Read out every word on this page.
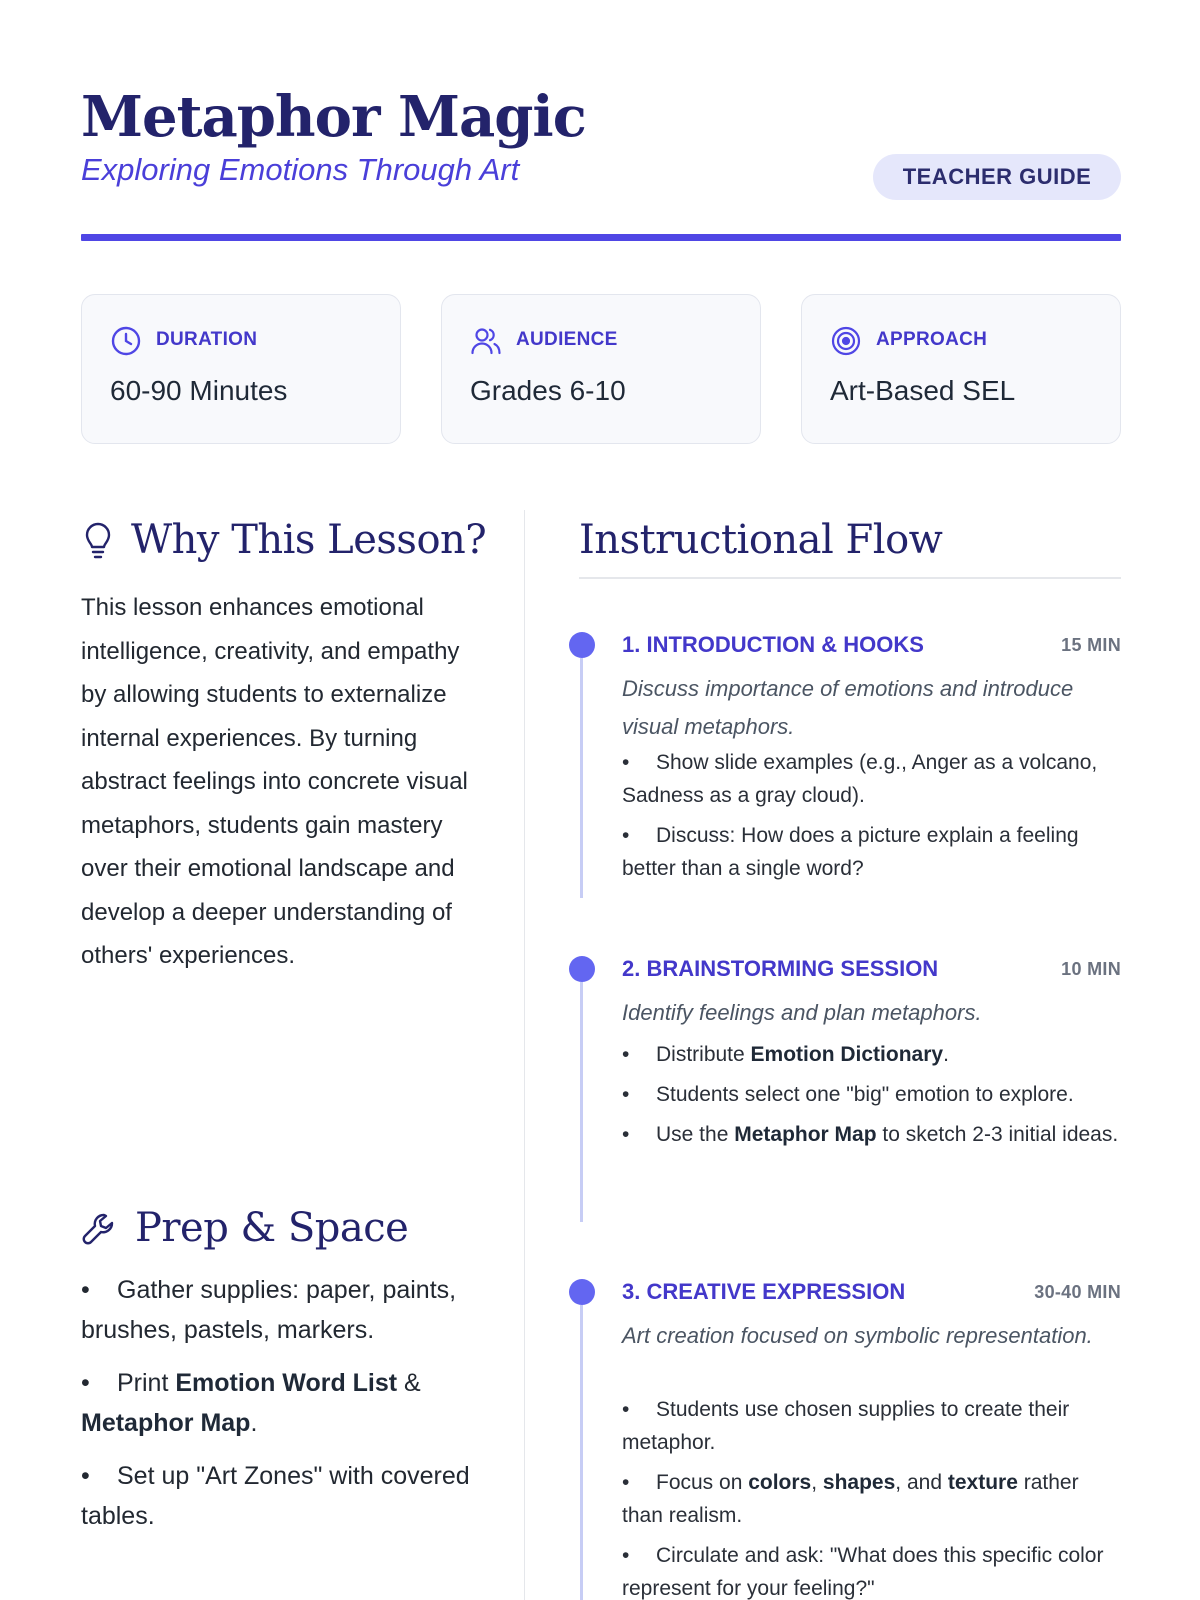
Metaphor Magic
Exploring Emotions Through Art	TEACHER GUIDE
DURATION
60-90 Minutes
AUDIENCE
Grades 6-10
APPROACH
Art-Based SEL
Why This Lesson?

This lesson enhances emotional intelligence, creativity, and empathy by allowing students to externalize internal experiences. By turning abstract feelings into concrete visual metaphors, students gain mastery over their emotional landscape and develop a deeper understanding of others' experiences.

Prep & Space
• Gather supplies: paper, paints, brushes, pastels, markers.
• Print Emotion Word List & Metaphor Map.
• Set up "Art Zones" with covered tables.
Instructional Flow
1. INTRODUCTION & HOOKS	15 MIN
Discuss importance of emotions and introduce visual metaphors.
• Show slide examples (e.g., Anger as a volcano, Sadness as a gray cloud).
• Discuss: How does a picture explain a feeling better than a single word?
2. BRAINSTORMING SESSION	10 MIN
Identify feelings and plan metaphors.
• Distribute Emotion Dictionary.
• Students select one "big" emotion to explore.
• Use the Metaphor Map to sketch 2-3 initial ideas.
3. CREATIVE EXPRESSION	30-40 MIN
Art creation focused on symbolic representation.
• Students use chosen supplies to create their metaphor.
• Focus on colors, shapes, and texture rather than realism.
• Circulate and ask: "What does this specific color represent for your feeling?"
